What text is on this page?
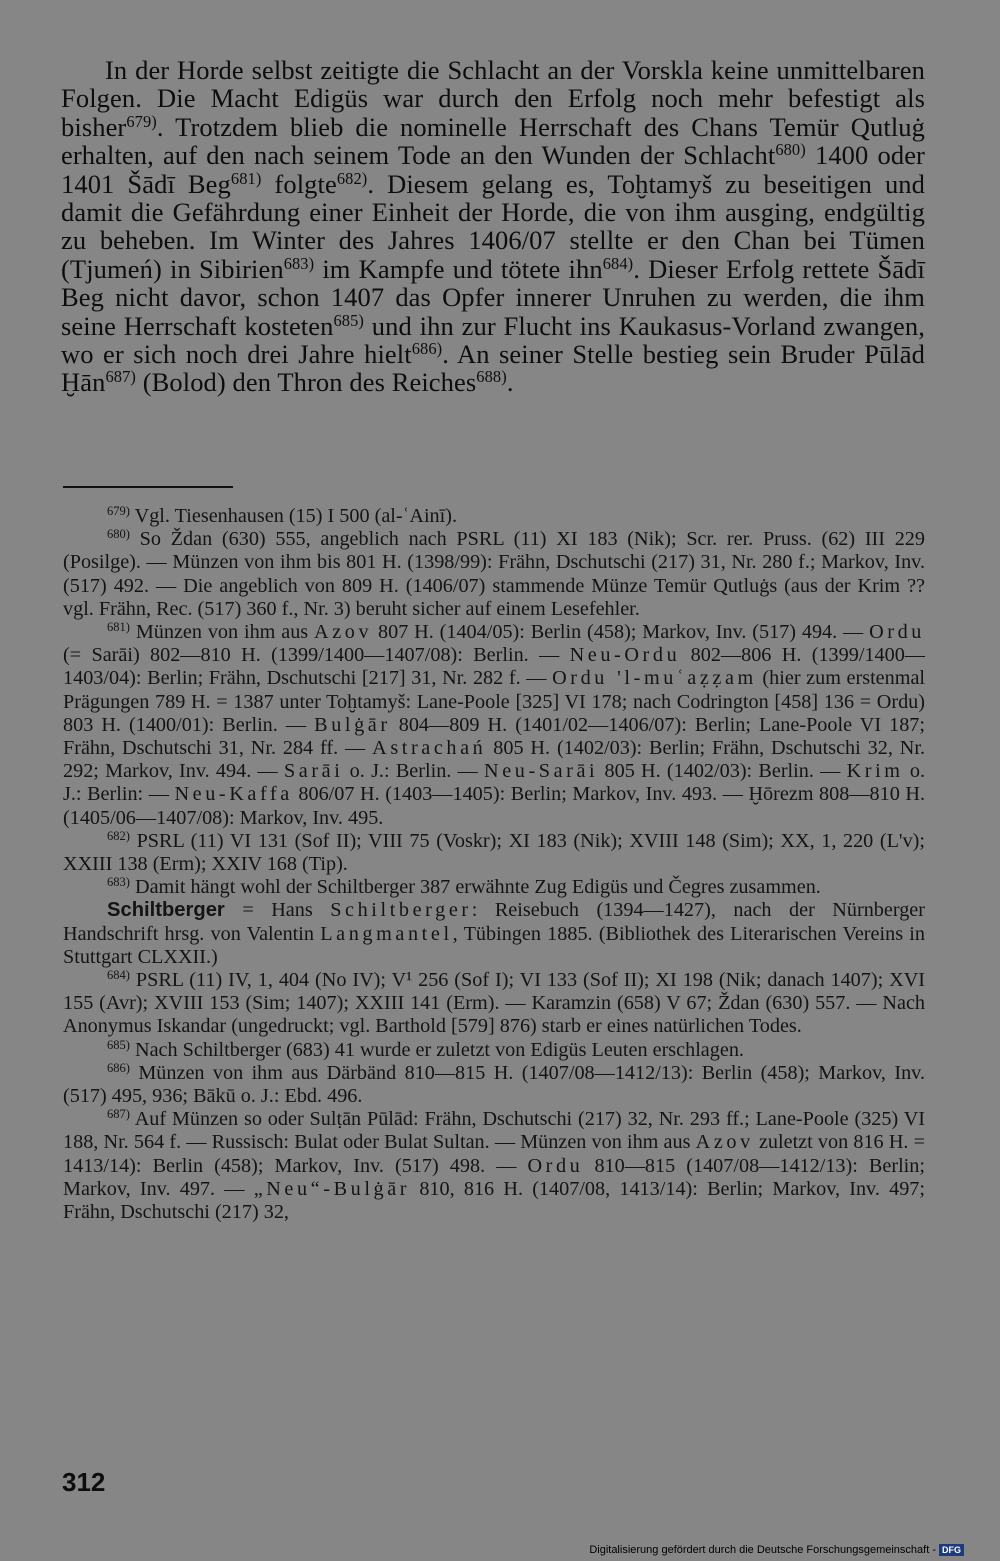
In der Horde selbst zeitigte die Schlacht an der Vorskla keine unmittelbaren Folgen. Die Macht Edigüs war durch den Erfolg noch mehr befestigt als bisher$^{679)}$. Trotzdem blieb die nominelle Herrschaft des Chans Temür Qutluġ erhalten, auf den nach seinem Tode an den Wunden der Schlacht$^{680)}$ 1400 oder 1401 Šādī Beg$^{681)}$ folgte$^{682)}$. Diesem gelang es, Toḫtamyš zu beseitigen und damit die Gefährdung einer Einheit der Horde, die von ihm ausging, endgültig zu beheben. Im Winter des Jahres 1406/07 stellte er den Chan bei Tümen (Tjumeń) in Sibirien$^{683)}$ im Kampfe und tötete ihn$^{684)}$. Dieser Erfolg rettete Šādī Beg nicht davor, schon 1407 das Opfer innerer Unruhen zu werden, die ihm seine Herrschaft kosteten$^{685)}$ und ihn zur Flucht ins Kaukasus-Vorland zwangen, wo er sich noch drei Jahre hielt$^{686)}$. An seiner Stelle bestieg sein Bruder Pūlād Ḫān$^{687)}$ (Bolod) den Thron des Reiches$^{688)}$.

$^{679)}$ Vgl. Tiesenhausen (15) I 500 (al-ʿAinī).

$^{680)}$ So Ždan (630) 555, angeblich nach PSRL (11) XI 183 (Nik); Scr. rer. Pruss. (62) III 229 (Posilge). — Münzen von ihm bis 801 H. (1398/99): Frähn, Dschutschi (217) 31, Nr. 280 f.; Markov, Inv. (517) 492. — Die angeblich von 809 H. (1406/07) stammende Münze Temür Qutluġs (aus der Krim ?? vgl. Frähn, Rec. (517) 360 f., Nr. 3) beruht sicher auf einem Lesefehler.

$^{681)}$ Münzen von ihm aus Azov 807 H. (1404/05): Berlin (458); Markov, Inv. (517) 494. — Ordu (= Sarāi) 802—810 H. (1399/1400—1407/08): Berlin. — Neu-Ordu 802—806 H. (1399/1400—1403/04): Berlin; Frähn, Dschutschi [217] 31, Nr. 282 f. — Ordu 'l-muʿaẓẓam (hier zum erstenmal Prägungen 789 H. = 1387 unter Toḫtamyš: Lane-Poole [325] VI 178; nach Codrington [458] 136 = Ordu) 803 H. (1400/01): Berlin. — Bulġār 804—809 H. (1401/02—1406/07): Berlin; Lane-Poole VI 187; Frähn, Dschutschi 31, Nr. 284 ff. — Astrachań 805 H. (1402/03): Berlin; Frähn, Dschutschi 32, Nr. 292; Markov, Inv. 494. — Sarāi o. J.: Berlin. — Neu-Sarāi 805 H. (1402/03): Berlin. — Krim o. J.: Berlin: — Neu-Kaffa 806/07 H. (1403—1405): Berlin; Markov, Inv. 493. — Ḫōrezm 808—810 H. (1405/06—1407/08): Markov, Inv. 495.

$^{682)}$ PSRL (11) VI 131 (Sof II); VIII 75 (Voskr); XI 183 (Nik); XVIII 148 (Sim); XX, 1, 220 (L'v); XXIII 138 (Erm); XXIV 168 (Tip).

$^{683)}$ Damit hängt wohl der Schiltberger 387 erwähnte Zug Edigüs und Čegres zusammen.

Schiltberger = Hans Schiltberger: Reisebuch (1394—1427), nach der Nürnberger Handschrift hrsg. von Valentin Langmantel, Tübingen 1885. (Bibliothek des Literarischen Vereins in Stuttgart CLXXII.)

$^{684)}$ PSRL (11) IV, 1, 404 (No IV); V¹ 256 (Sof I); VI 133 (Sof II); XI 198 (Nik; danach 1407); XVI 155 (Avr); XVIII 153 (Sim; 1407); XXIII 141 (Erm). — Karamzin (658) V 67; Ždan (630) 557. — Nach Anonymus Iskandar (ungedruckt; vgl. Barthold [579] 876) starb er eines natürlichen Todes.

$^{685)}$ Nach Schiltberger (683) 41 wurde er zuletzt von Edigüs Leuten erschlagen.

$^{686)}$ Münzen von ihm aus Därbänd 810—815 H. (1407/08—1412/13): Berlin (458); Markov, Inv. (517) 495, 936; Bākū o. J.: Ebd. 496.

$^{687)}$ Auf Münzen so oder Sulṭān Pūlād: Frähn, Dschutschi (217) 32, Nr. 293 ff.; Lane-Poole (325) VI 188, Nr. 564 f. — Russisch: Bulat oder Bulat Sultan. — Münzen von ihm aus Azov zuletzt von 816 H. = 1413/14): Berlin (458); Markov, Inv. (517) 498. — Ordu 810—815 (1407/08—1412/13): Berlin; Markov, Inv. 497. — „Neu“-Bulġār 810, 816 H. (1407/08, 1413/14): Berlin; Markov, Inv. 497; Frähn, Dschutschi (217) 32,

312
Digitalisierung gefördert durch die Deutsche Forschungsgemeinschaft - DFG
